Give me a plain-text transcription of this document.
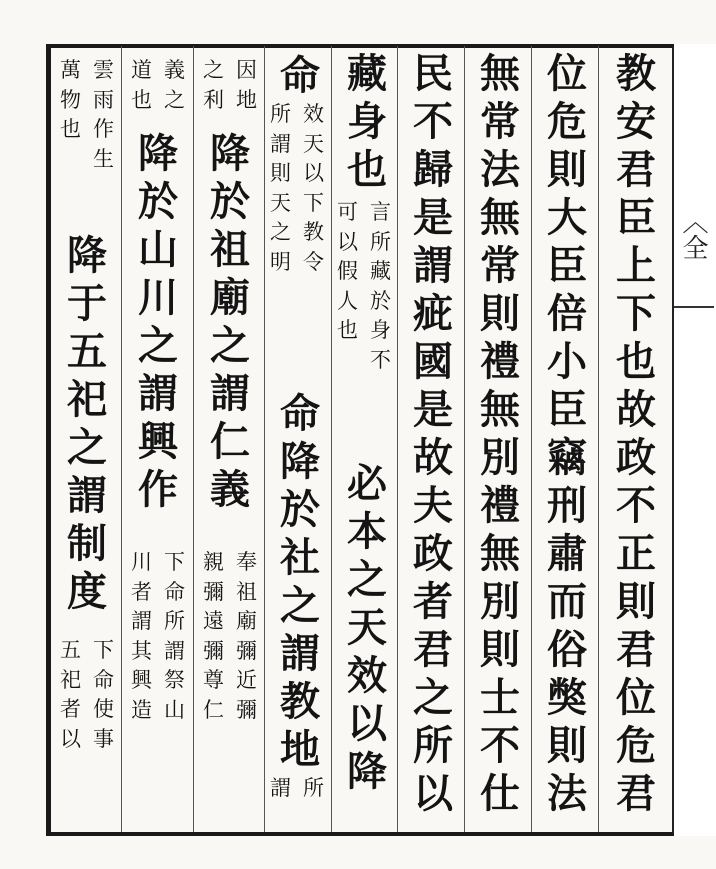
〈全
教
安
君
臣
上
下
也
故
政
不
正
則
君
位
危
君
位
危
則
大
臣
倍
小
臣
竊
刑
肅
而
俗
獘
則
法
無
常
法
無
常
則
禮
無
別
禮
無
別
則
士
不
仕
民
不
歸
是
謂
疵
國
是
故
夫
政
者
君
之
所
以
藏
身
也
言
所
藏
於
身
不
可
以
假
人
也
必
本
之
天
效
以
降
命
效
天
以
下
教
令
所
謂
則
天
之
明
命
降
於
社
之
謂
教
地
所
謂
因
地
之
利
降
於
祖
廟
之
謂
仁
義
奉
祖
廟
彌
近
彌
親
彌
遠
彌
尊
仁
義
之
道
也
降
於
山
川
之
謂
興
作
下
命
所
謂
祭
山
川
者
謂
其
興
造
雲
雨
作
生
萬
物
也
降
于
五
祀
之
謂
制
度
下
命
使
事
五
祀
者
以
